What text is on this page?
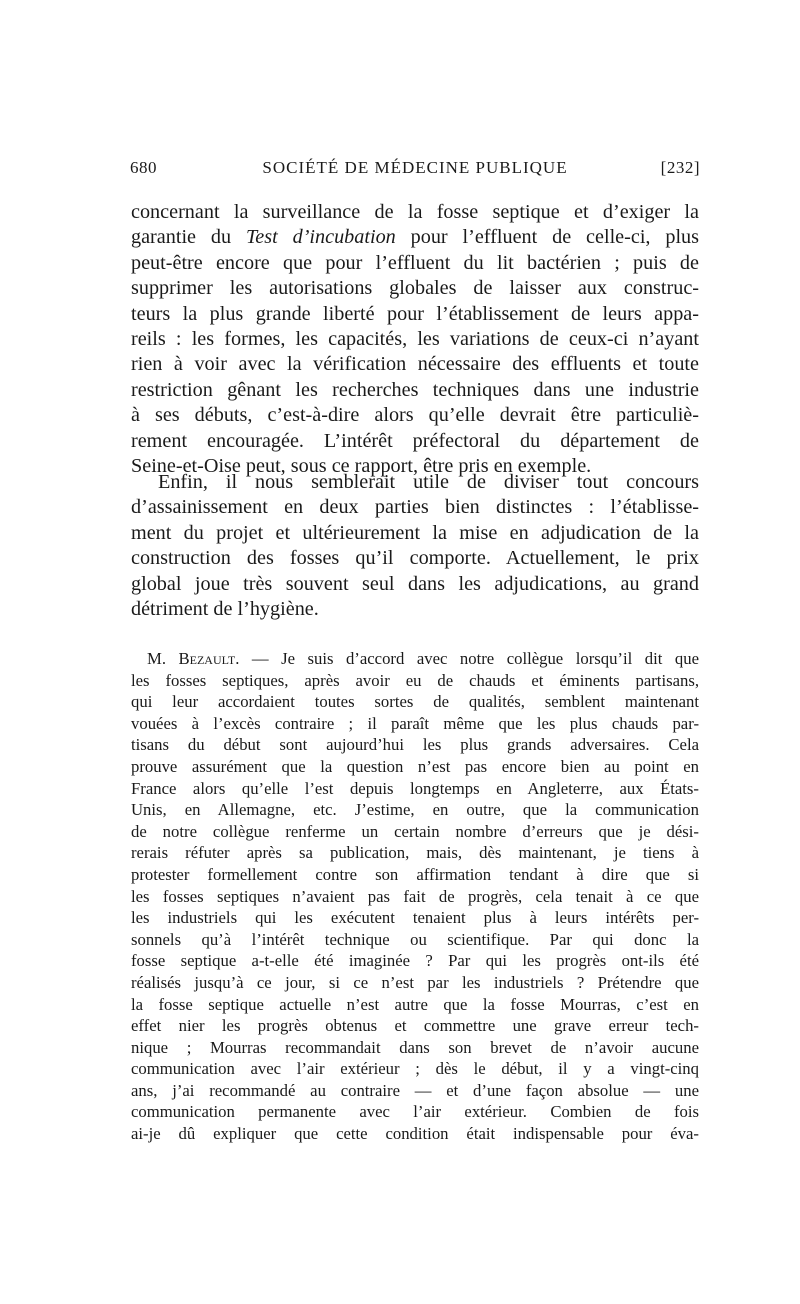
680	SOCIÉTÉ DE MÉDECINE PUBLIQUE	[232]

concernant la surveillance de la fosse septique et d’exiger la
garantie du Test d’incubation pour l’effluent de celle-ci, plus
peut-être encore que pour l’effluent du lit bactérien ; puis de
supprimer les autorisations globales de laisser aux construc-
teurs la plus grande liberté pour l’établissement de leurs appa-
reils : les formes, les capacités, les variations de ceux-ci n’ayant
rien à voir avec la vérification nécessaire des effluents et toute
restriction gênant les recherches techniques dans une industrie
à ses débuts, c’est-à-dire alors qu’elle devrait être particuliè-
rement encouragée. L’intérêt préfectoral du département de
Seine-et-Oise peut, sous ce rapport, être pris en exemple.

Enfin, il nous semblerait utile de diviser tout concours
d’assainissement en deux parties bien distinctes : l’établisse-
ment du projet et ultérieurement la mise en adjudication de la
construction des fosses qu’il comporte. Actuellement, le prix
global joue très souvent seul dans les adjudications, au grand
détriment de l’hygiène.

M. Bezault. — Je suis d’accord avec notre collègue lorsqu’il dit que
les fosses septiques, après avoir eu de chauds et éminents partisans,
qui leur accordaient toutes sortes de qualités, semblent maintenant
vouées à l’excès contraire ; il paraît même que les plus chauds par-
tisans du début sont aujourd’hui les plus grands adversaires. Cela
prouve assurément que la question n’est pas encore bien au point en
France alors qu’elle l’est depuis longtemps en Angleterre, aux États-
Unis, en Allemagne, etc. J’estime, en outre, que la communication
de notre collègue renferme un certain nombre d’erreurs que je dési-
rerais réfuter après sa publication, mais, dès maintenant, je tiens à
protester formellement contre son affirmation tendant à dire que si
les fosses septiques n’avaient pas fait de progrès, cela tenait à ce que
les industriels qui les exécutent tenaient plus à leurs intérêts per-
sonnels qu’à l’intérêt technique ou scientifique. Par qui donc la
fosse septique a-t-elle été imaginée ? Par qui les progrès ont-ils été
réalisés jusqu’à ce jour, si ce n’est par les industriels ? Prétendre que
la fosse septique actuelle n’est autre que la fosse Mourras, c’est en
effet nier les progrès obtenus et commettre une grave erreur tech-
nique ; Mourras recommandait dans son brevet de n’avoir aucune
communication avec l’air extérieur ; dès le début, il y a vingt-cinq
ans, j’ai recommandé au contraire — et d’une façon absolue — une
communication permanente avec l’air extérieur. Combien de fois
ai-je dû expliquer que cette condition était indispensable pour éva-
